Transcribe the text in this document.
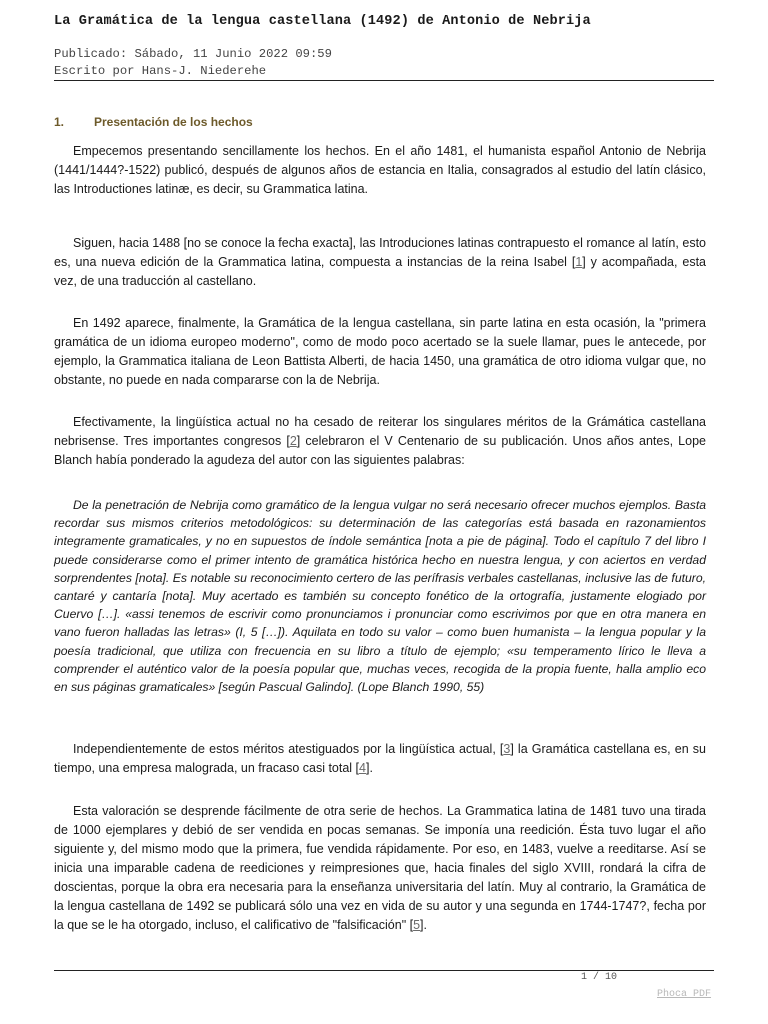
La Gramática de la lengua castellana (1492) de Antonio de Nebrija
Publicado: Sábado, 11 Junio 2022 09:59
Escrito por Hans-J. Niederehe
1. Presentación de los hechos

Empecemos presentando sencillamente los hechos. En el año 1481, el humanista español Antonio de Nebrija (1441/1444?-1522) publicó, después de algunos años de estancia en Italia, consagrados al estudio del latín clásico, las Introductiones latinæ, es decir, su Grammatica latina.

Siguen, hacia 1488 [no se conoce la fecha exacta], las Introduciones latinas contrapuesto el romance al latín, esto es, una nueva edición de la Grammatica latina, compuesta a instancias de la reina Isabel [1] y acompañada, esta vez, de una traducción al castellano.

En 1492 aparece, finalmente, la Gramática de la lengua castellana, sin parte latina en esta ocasión, la "primera gramática de un idioma europeo moderno", como de modo poco acertado se la suele llamar, pues le antecede, por ejemplo, la Grammatica italiana de Leon Battista Alberti, de hacia 1450, una gramática de otro idioma vulgar que, no obstante, no puede en nada compararse con la de Nebrija.

Efectivamente, la lingüística actual no ha cesado de reiterar los singulares méritos de la Grámática castellana nebrisense. Tres importantes congresos [2] celebraron el V Centenario de su publicación. Unos años antes, Lope Blanch había ponderado la agudeza del autor con las siguientes palabras:

De la penetración de Nebrija como gramático de la lengua vulgar no será necesario ofrecer muchos ejemplos. Basta recordar sus mismos criterios metodológicos: su determinación de las categorías está basada en razonamientos integramente gramaticales, y no en supuestos de índole semántica [nota a pie de página]. Todo el capítulo 7 del libro I puede considerarse como el primer intento de gramática histórica hecho en nuestra lengua, y con aciertos en verdad sorprendentes [nota]. Es notable su reconocimiento certero de las perífrasis verbales castellanas, inclusive las de futuro, cantaré y cantaría [nota]. Muy acertado es también su concepto fonético de la ortografía, justamente elogiado por Cuervo […]. «assi tenemos de escrivir como pronunciamos i pronunciar como escrivimos por que en otra manera en vano fueron halladas las letras» (I, 5 […]). Aquilata en todo su valor – como buen humanista – la lengua popular y la poesía tradicional, que utiliza con frecuencia en su libro a título de ejemplo; «su temperamento lírico le lleva a comprender el auténtico valor de la poesía popular que, muchas veces, recogida de la propia fuente, halla amplio eco en sus páginas gramaticales» [según Pascual Galindo]. (Lope Blanch 1990, 55)

Independientemente de estos méritos atestiguados por la lingüística actual, [3] la Gramática castellana es, en su tiempo, una empresa malograda, un fracaso casi total [4].

Esta valoración se desprende fácilmente de otra serie de hechos. La Grammatica latina de 1481 tuvo una tirada de 1000 ejemplares y debió de ser vendida en pocas semanas. Se imponía una reedición. Ésta tuvo lugar el año siguiente y, del mismo modo que la primera, fue vendida rápidamente. Por eso, en 1483, vuelve a reeditarse. Así se inicia una imparable cadena de reediciones y reimpresiones que, hacia finales del siglo XVIII, rondará la cifra de doscientas, porque la obra era necesaria para la enseñanza universitaria del latín. Muy al contrario, la Gramática de la lengua castellana de 1492 se publicará sólo una vez en vida de su autor y una segunda en 1744-1747?, fecha por la que se le ha otorgado, incluso, el calificativo de "falsificación" [5].

1 / 10
Phoca PDF
